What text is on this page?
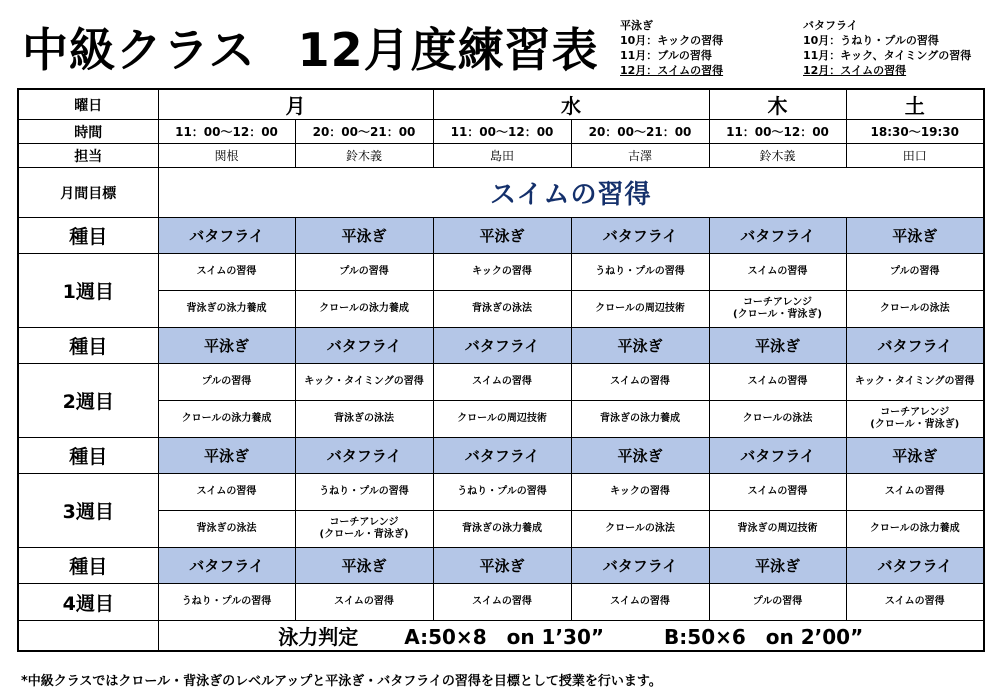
中級クラス 12月度練習表 平泳ぎ
10月：キックの習得
11月：ブルの習得
12月：スイムの習得
バタフライ
10月：うねり・プルの習得
11月：キック、タイミングの習得
12月：スイムの習得
曜日	月		水		木	土
時間	11：00～12：00	20：00～21：00	11：00～12：00	20：00～21：00	11：00～12：00	18:30～19:30
担当	関根	鈴木義	島田	古澤	鈴木義	田口
月間目標	スイムの習得					
種目	バタフライ	平泳ぎ	平泳ぎ	バタフライ	バタフライ	平泳ぎ
1週目	スイムの習得	プルの習得	キックの習得	うねり・プルの習得	スイムの習得	プルの習得
	背泳ぎの泳力養成	クロールの泳力養成	背泳ぎの泳法	クロールの周辺技術	コーチアレンジ
(クロール・背泳ぎ)	クロールの泳法
種目	平泳ぎ	バタフライ	バタフライ	平泳ぎ	平泳ぎ	バタフライ
2週目	プルの習得	キック・タイミングの習得	スイムの習得	スイムの習得	スイムの習得	キック・タイミングの習得
	クロールの泳力養成	背泳ぎの泳法	クロールの周辺技術	背泳ぎの泳力養成	クロールの泳法	コーチアレンジ
(クロール・背泳ぎ)
種目	平泳ぎ	バタフライ	バタフライ	平泳ぎ	バタフライ	平泳ぎ
3週目	スイムの習得	うねり・プルの習得	うねり・プルの習得	キックの習得	スイムの習得	スイムの習得
	背泳ぎの泳法	コーチアレンジ
(クロール・背泳ぎ)	背泳ぎの泳力養成	クロールの泳法	背泳ぎの周辺技術	クロールの泳力養成
種目	バタフライ	平泳ぎ	平泳ぎ	バタフライ	平泳ぎ	バタフライ
4週目	うねり・プルの習得	スイムの習得	スイムの習得	スイムの習得	プルの習得	スイムの習得
	泳力判定 A:50×8　on 1’30” B:50×6　on 2’00”					
*中級クラスではクロール・背泳ぎのレベルアップと平泳ぎ・バタフライの習得を目標として授業を行います。
